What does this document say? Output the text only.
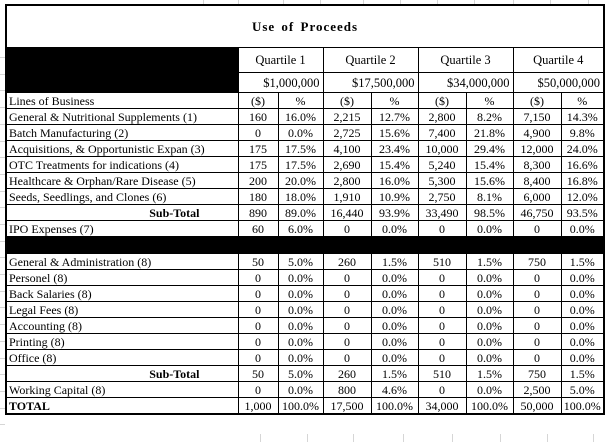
Use of Proceeds								
	Quartile 1		Quartile 2		Quartile 3		Quartile 4	
	$1,000,000		$17,500,000		$34,000,000		$50,000,000	
Lines of Business	($)	%	($)	%	($)	%	($)	%
General & Nutritional Supplements (1)	160	16.0%	2,215	12.7%	2,800	8.2%	7,150	14.3%
Batch Manufacturing (2)	0	0.0%	2,725	15.6%	7,400	21.8%	4,900	9.8%
Acquisitions, & Opportunistic Expan (3)	175	17.5%	4,100	23.4%	10,000	29.4%	12,000	24.0%
OTC Treatments for indications (4)	175	17.5%	2,690	15.4%	5,240	15.4%	8,300	16.6%
Healthcare & Orphan/Rare Disease (5)	200	20.0%	2,800	16.0%	5,300	15.6%	8,400	16.8%
Seeds, Seedlings, and Clones (6)	180	18.0%	1,910	10.9%	2,750	8.1%	6,000	12.0%
Sub-Total	890	89.0%	16,440	93.9%	33,490	98.5%	46,750	93.5%
IPO Expenses (7)	60	6.0%	0	0.0%	0	0.0%	0	0.0%

General & Administration (8)	50	5.0%	260	1.5%	510	1.5%	750	1.5%
Personel (8)	0	0.0%	0	0.0%	0	0.0%	0	0.0%
Back Salaries (8)	0	0.0%	0	0.0%	0	0.0%	0	0.0%
Legal Fees (8)	0	0.0%	0	0.0%	0	0.0%	0	0.0%
Accounting (8)	0	0.0%	0	0.0%	0	0.0%	0	0.0%
Printing (8)	0	0.0%	0	0.0%	0	0.0%	0	0.0%
Office (8)	0	0.0%	0	0.0%	0	0.0%	0	0.0%
Sub-Total	50	5.0%	260	1.5%	510	1.5%	750	1.5%
Working Capital (8)	0	0.0%	800	4.6%	0	0.0%	2,500	5.0%
TOTAL	1,000	100.0%	17,500	100.0%	34,000	100.0%	50,000	100.0%
